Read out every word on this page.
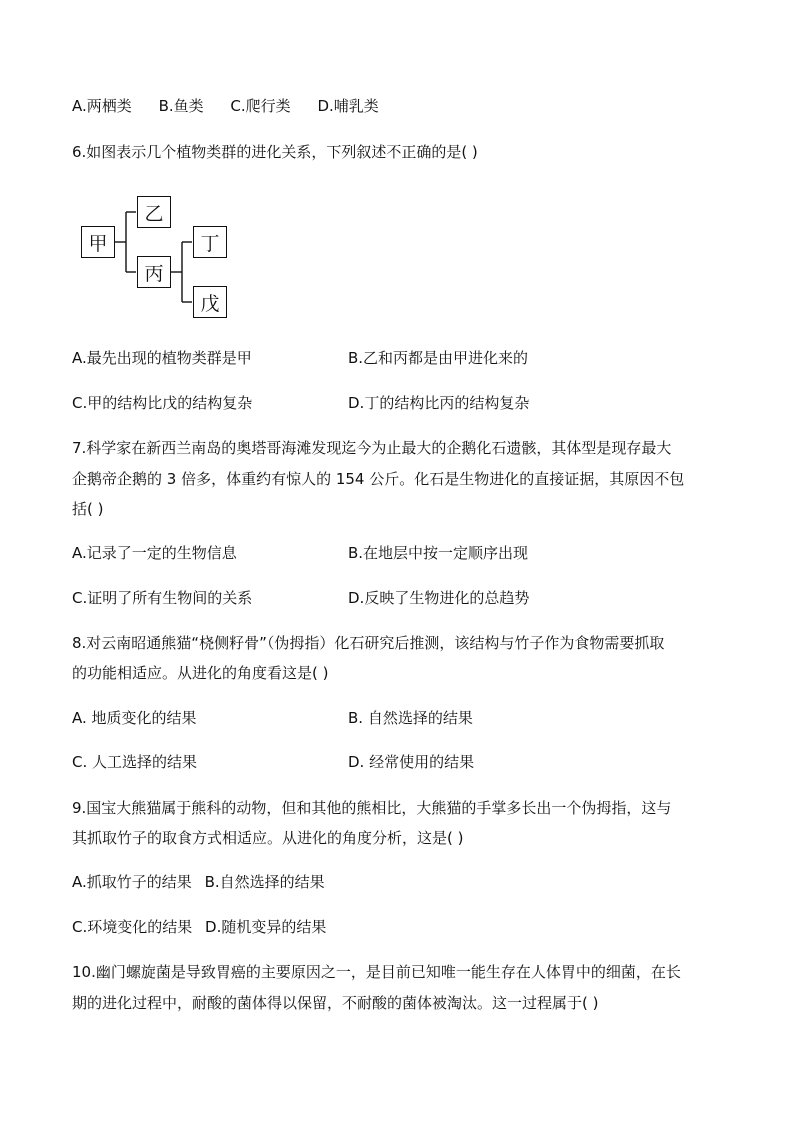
A.两栖类 B.鱼类 C.爬行类 D.哺乳类
6.如图表示几个植物类群的进化关系，下列叙述不正确的是( )
甲
乙
丙
丁
戊
A.最先出现的植物类群是甲	B.乙和丙都是由甲进化来的
C.甲的结构比戊的结构复杂	D.丁的结构比丙的结构复杂
7.科学家在新西兰南岛的奥塔哥海滩发现迄今为止最大的企鹅化石遗骸，其体型是现存最大
企鹅帝企鹅的 3 倍多，体重约有惊人的 154 公斤。化石是生物进化的直接证据，其原因不包
括( )
A.记录了一定的生物信息	B.在地层中按一定顺序出现
C.证明了所有生物间的关系	D.反映了生物进化的总趋势
8.对云南昭通熊猫“桡侧籽骨”（伪拇指）化石研究后推测，该结构与竹子作为食物需要抓取
的功能相适应。从进化的角度看这是( )
A. 地质变化的结果	B. 自然选择的结果
C. 人工选择的结果	D. 经常使用的结果
9.国宝大熊猫属于熊科的动物，但和其他的熊相比，大熊猫的手掌多长出一个伪拇指，这与
其抓取竹子的取食方式相适应。从进化的角度分析，这是( )
A.抓取竹子的结果 B.自然选择的结果
C.环境变化的结果 D.随机变异的结果
10.幽门螺旋菌是导致胃癌的主要原因之一，是目前已知唯一能生存在人体胃中的细菌，在长
期的进化过程中，耐酸的菌体得以保留，不耐酸的菌体被淘汰。这一过程属于( )
